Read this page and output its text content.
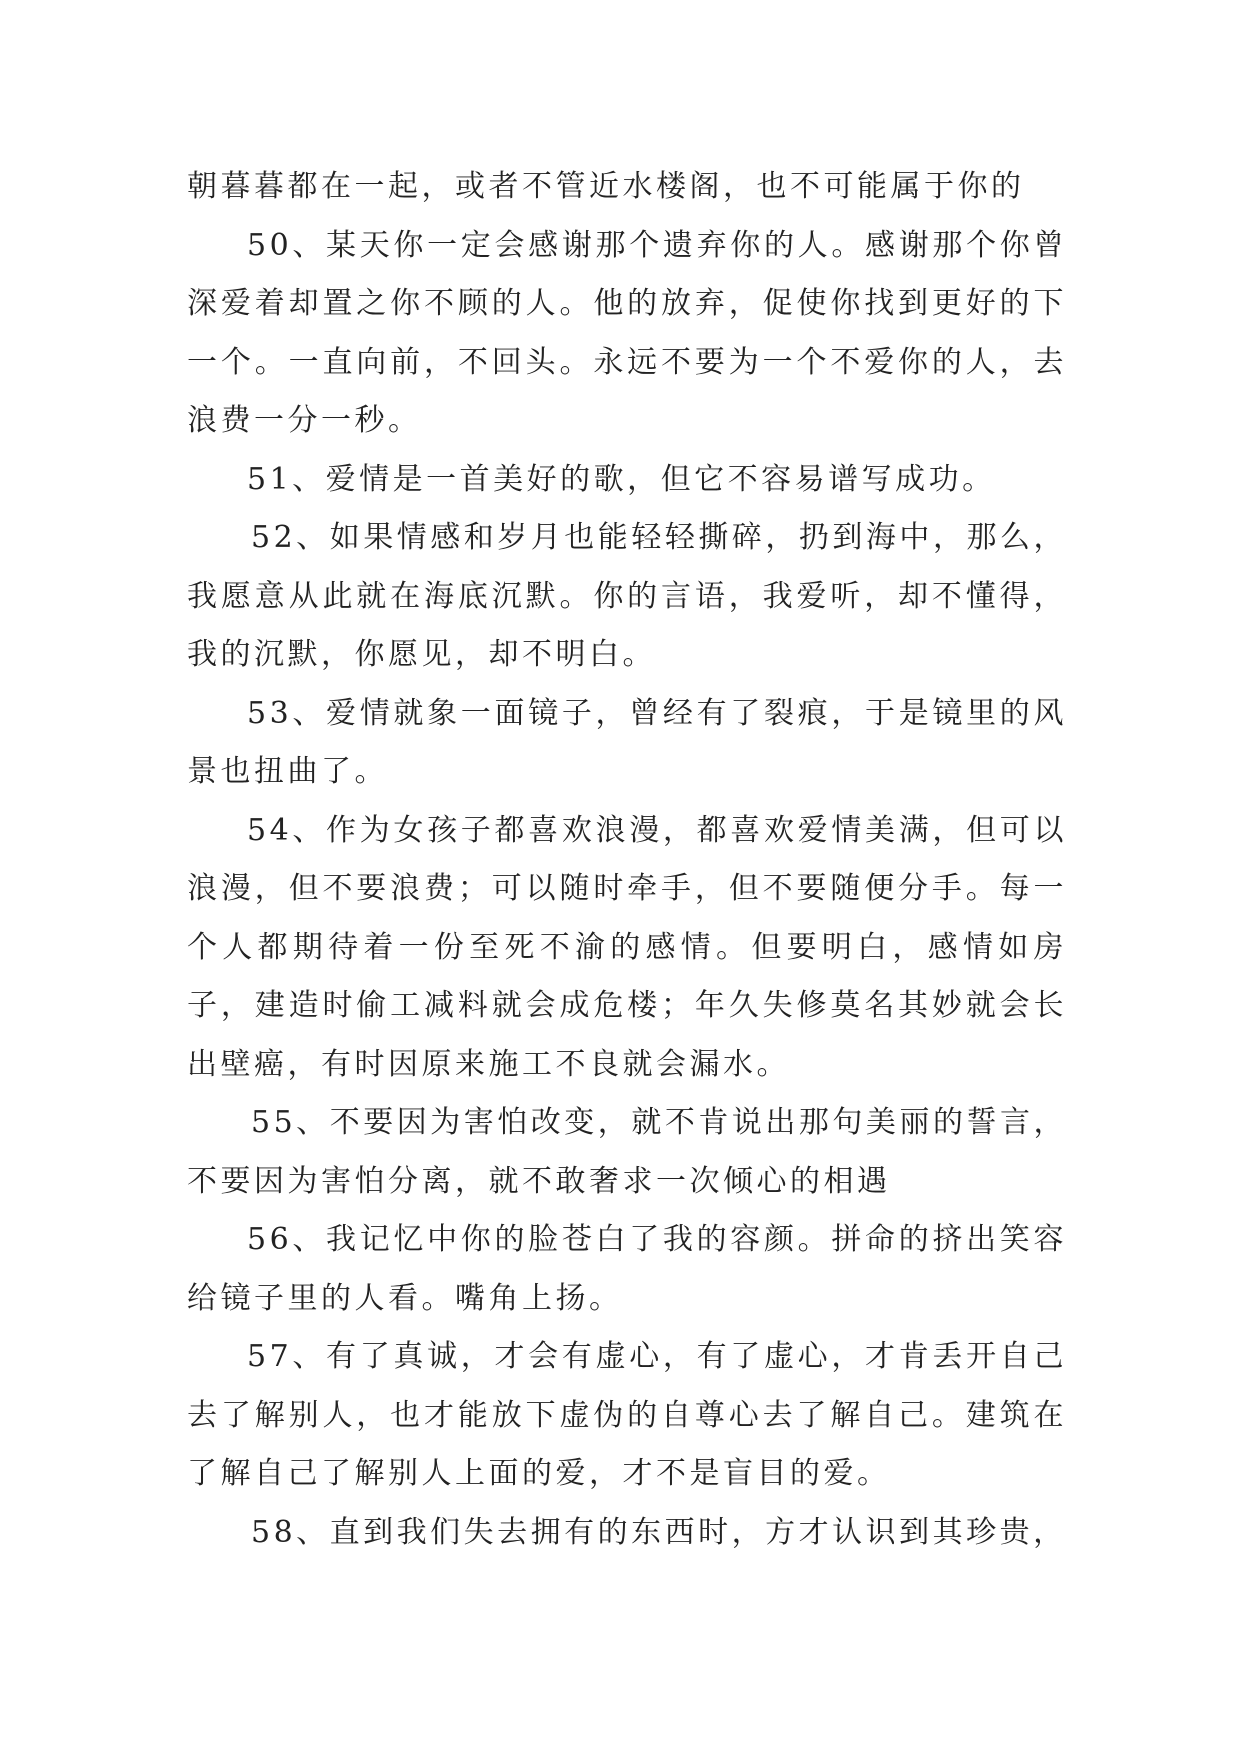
朝暮暮都在一起，或者不管近水楼阁，也不可能属于你的

50、某天你一定会感谢那个遗弃你的人。感谢那个你曾深爱着却置之你不顾的人。他的放弃，促使你找到更好的下一个。一直向前，不回头。永远不要为一个不爱你的人，去浪费一分一秒。

51、爱情是一首美好的歌，但它不容易谱写成功。

52、如果情感和岁月也能轻轻撕碎，扔到海中，那么，我愿意从此就在海底沉默。你的言语，我爱听，却不懂得，我的沉默，你愿见，却不明白。

53、爱情就象一面镜子，曾经有了裂痕，于是镜里的风景也扭曲了。

54、作为女孩子都喜欢浪漫，都喜欢爱情美满，但可以浪漫，但不要浪费；可以随时牵手，但不要随便分手。每一个人都期待着一份至死不渝的感情。但要明白，感情如房子，建造时偷工减料就会成危楼；年久失修莫名其妙就会长出壁癌，有时因原来施工不良就会漏水。

55、不要因为害怕改变，就不肯说出那句美丽的誓言，不要因为害怕分离，就不敢奢求一次倾心的相遇

56、我记忆中你的脸苍白了我的容颜。拼命的挤出笑容给镜子里的人看。嘴角上扬。

57、有了真诚，才会有虚心，有了虚心，才肯丢开自己去了解别人，也才能放下虚伪的自尊心去了解自己。建筑在了解自己了解别人上面的爱，才不是盲目的爱。

58、直到我们失去拥有的东西时，方才认识到其珍贵，
